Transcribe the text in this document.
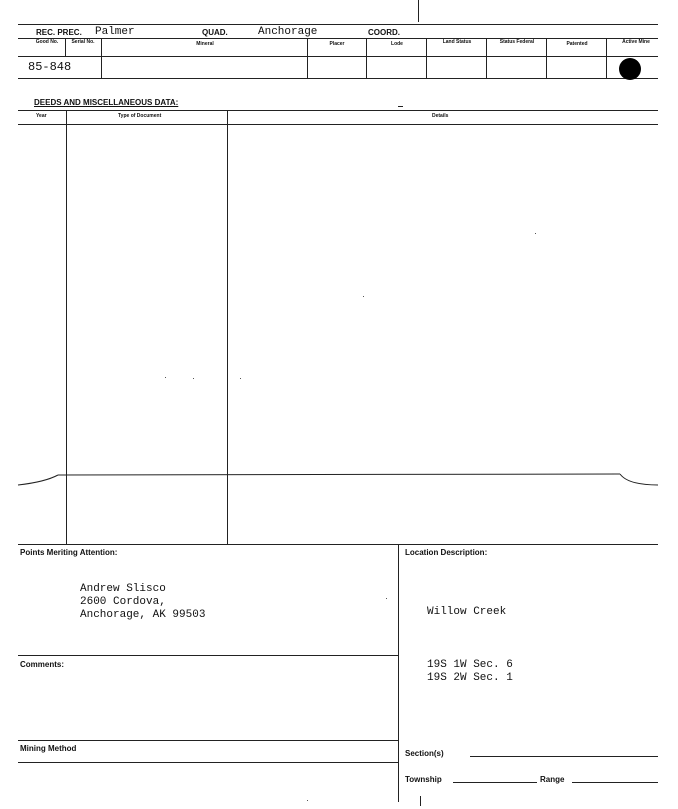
REC. PREC. Palmer	QUAD.	Anchorage	COORD.
Good No.	Serial No.	Mineral	Placer	Lode	Land Status	Status Federal	Patented	Active Mine
85-848
DEEDS AND MISCELLANEOUS DATA:
Year	Type of Document	Details
Points Meriting Attention:
Andrew Slisco
2600 Cordova,
Anchorage, AK 99503
Location Description:
Willow Creek
19S 1W Sec. 6
19S 2W Sec. 1
Comments:
Mining Method
Section(s)
Township	Range
